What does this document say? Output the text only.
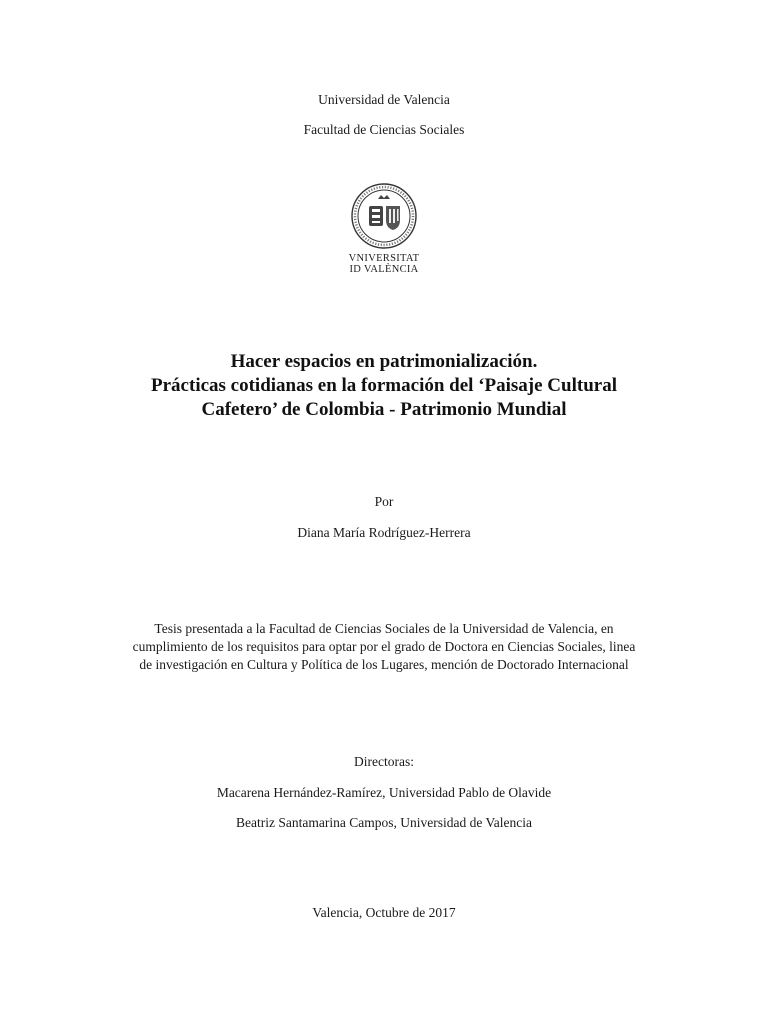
Universidad de Valencia
Facultad de Ciencias Sociales
VNIVERSITAT
ID VALÈNCIA
Hacer espacios en patrimonialización.
Prácticas cotidianas en la formación del ‘Paisaje Cultural
Cafetero’ de Colombia - Patrimonio Mundial
Por
Diana María Rodríguez-Herrera
Tesis presentada a la Facultad de Ciencias Sociales de la Universidad de Valencia, en
cumplimiento de los requisitos para optar por el grado de Doctora en Ciencias Sociales, linea
de investigación en Cultura y Política de los Lugares, mención de Doctorado Internacional
Directoras:
Macarena Hernández-Ramírez, Universidad Pablo de Olavide
Beatriz Santamarina Campos, Universidad de Valencia
Valencia, Octubre de 2017
